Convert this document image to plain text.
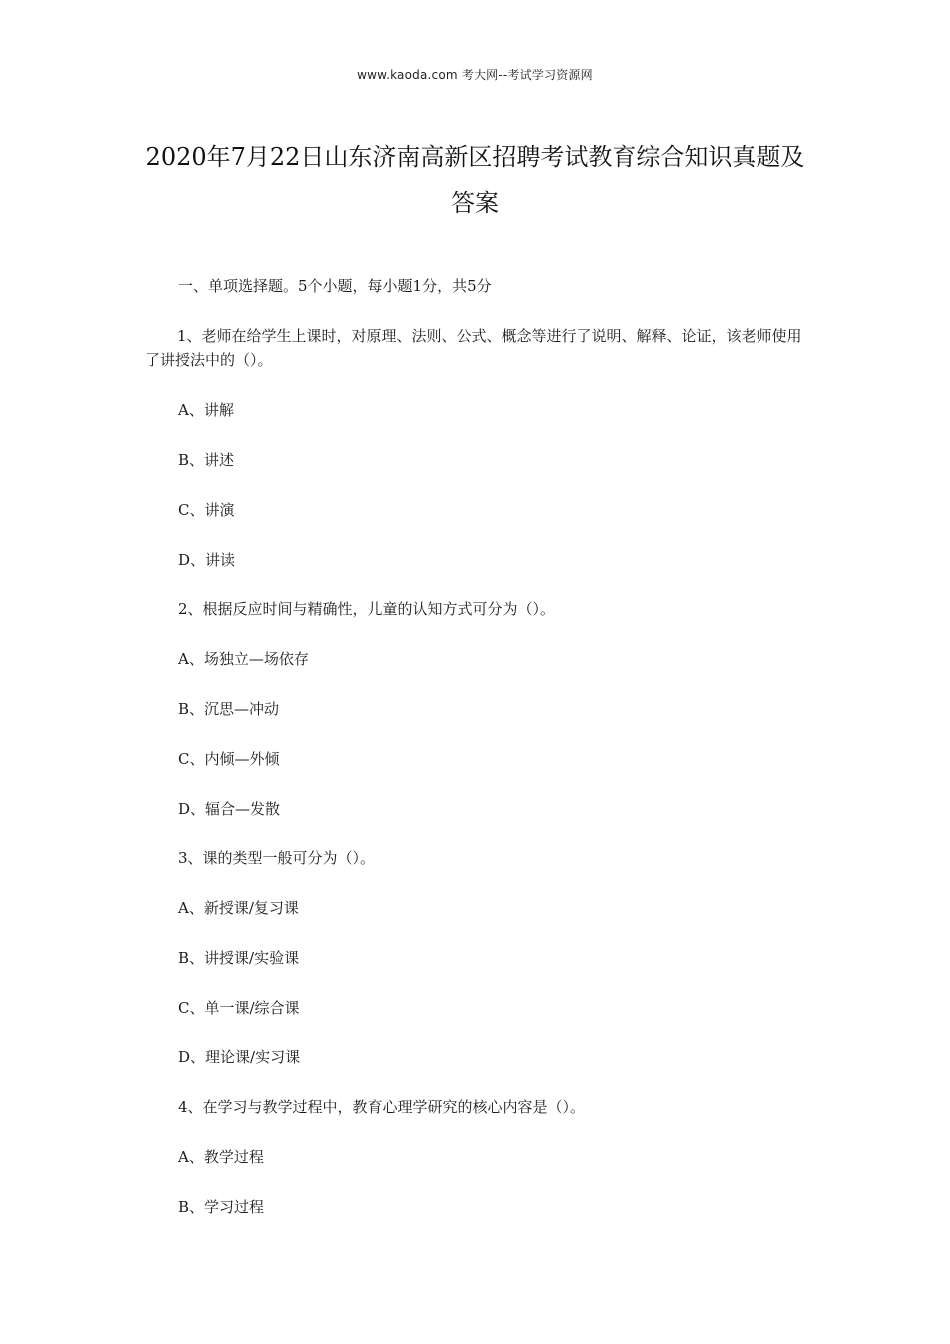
www.kaoda.com 考大网--考试学习资源网
2020年7月22日山东济南高新区招聘考试教育综合知识真题及答案
一、单项选择题。5个小题，每小题1分，共5分
1、老师在给学生上课时，对原理、法则、公式、概念等进行了说明、解释、论证，该老师使用了讲授法中的（）。
A、讲解
B、讲述
C、讲演
D、讲读
2、根据反应时间与精确性，儿童的认知方式可分为（）。
A、场独立—场依存
B、沉思—冲动
C、内倾—外倾
D、辐合—发散
3、课的类型一般可分为（）。
A、新授课/复习课
B、讲授课/实验课
C、单一课/综合课
D、理论课/实习课
4、在学习与教学过程中，教育心理学研究的核心内容是（）。
A、教学过程
B、学习过程
